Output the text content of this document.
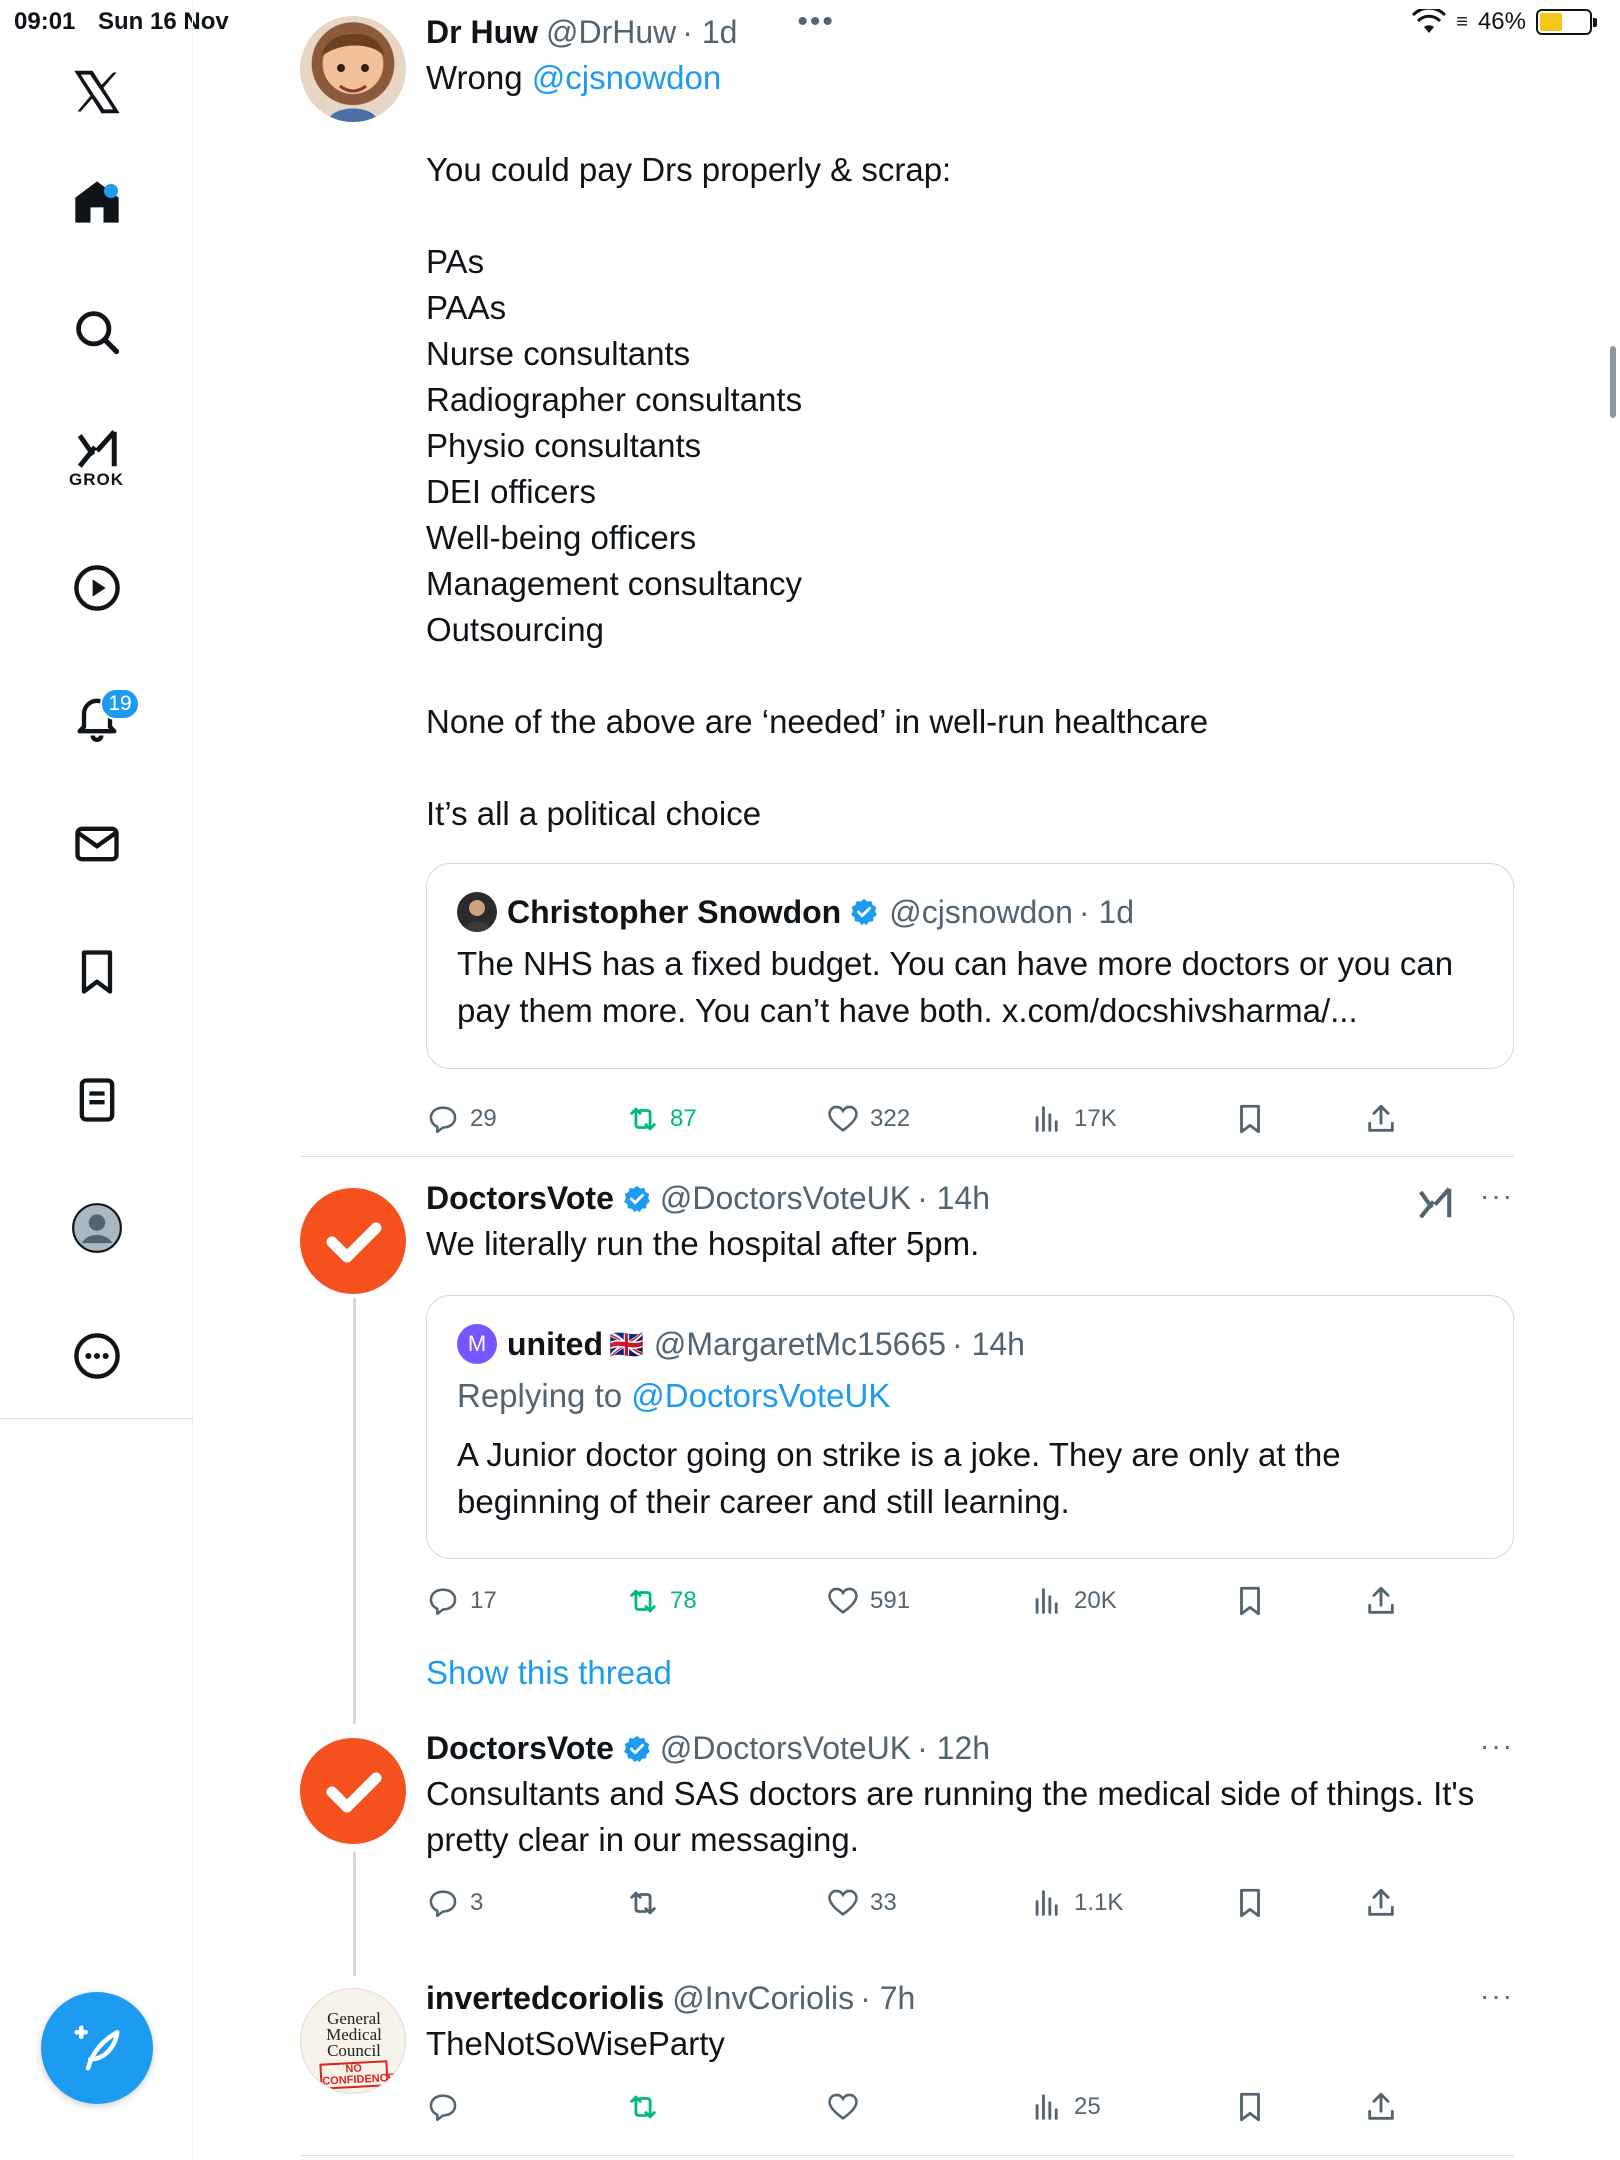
09:01 Sun 16 Nov	≡ 46%
GROK
19
Dr Huw @DrHuw · 1d •••
Wrong @cjsnowdon
You could pay Drs properly & scrap:

PAs
PAAs
Nurse consultants
Radiographer consultants
Physio consultants
DEI officers
Well-being officers
Management consultancy
Outsourcing

None of the above are ‘needed’ in well-run healthcare

It’s all a political choice
Christopher Snowdon @cjsnowdon · 1d
The NHS has a fixed budget. You can have more doctors or you can pay them more. You can’t have both. x.com/docshivsharma/...
29	87	322	17K
DoctorsVote @DoctorsVoteUK · 14h	···
We literally run the hospital after 5pm.
M united 🇬🇧 @MargaretMc15665 · 14h
Replying to @DoctorsVoteUK
A Junior doctor going on strike is a joke. They are only at the beginning of their career and still learning.
17	78	591	20K
Show this thread
DoctorsVote @DoctorsVoteUK · 12h	···
Consultants and SAS doctors are running the medical side of things. It's pretty clear in our messaging.
3	33	1.1K
General
Medical
Council
NO
CONFIDENCE
invertedcoriolis @InvCoriolis · 7h	···
TheNotSoWiseParty
25
